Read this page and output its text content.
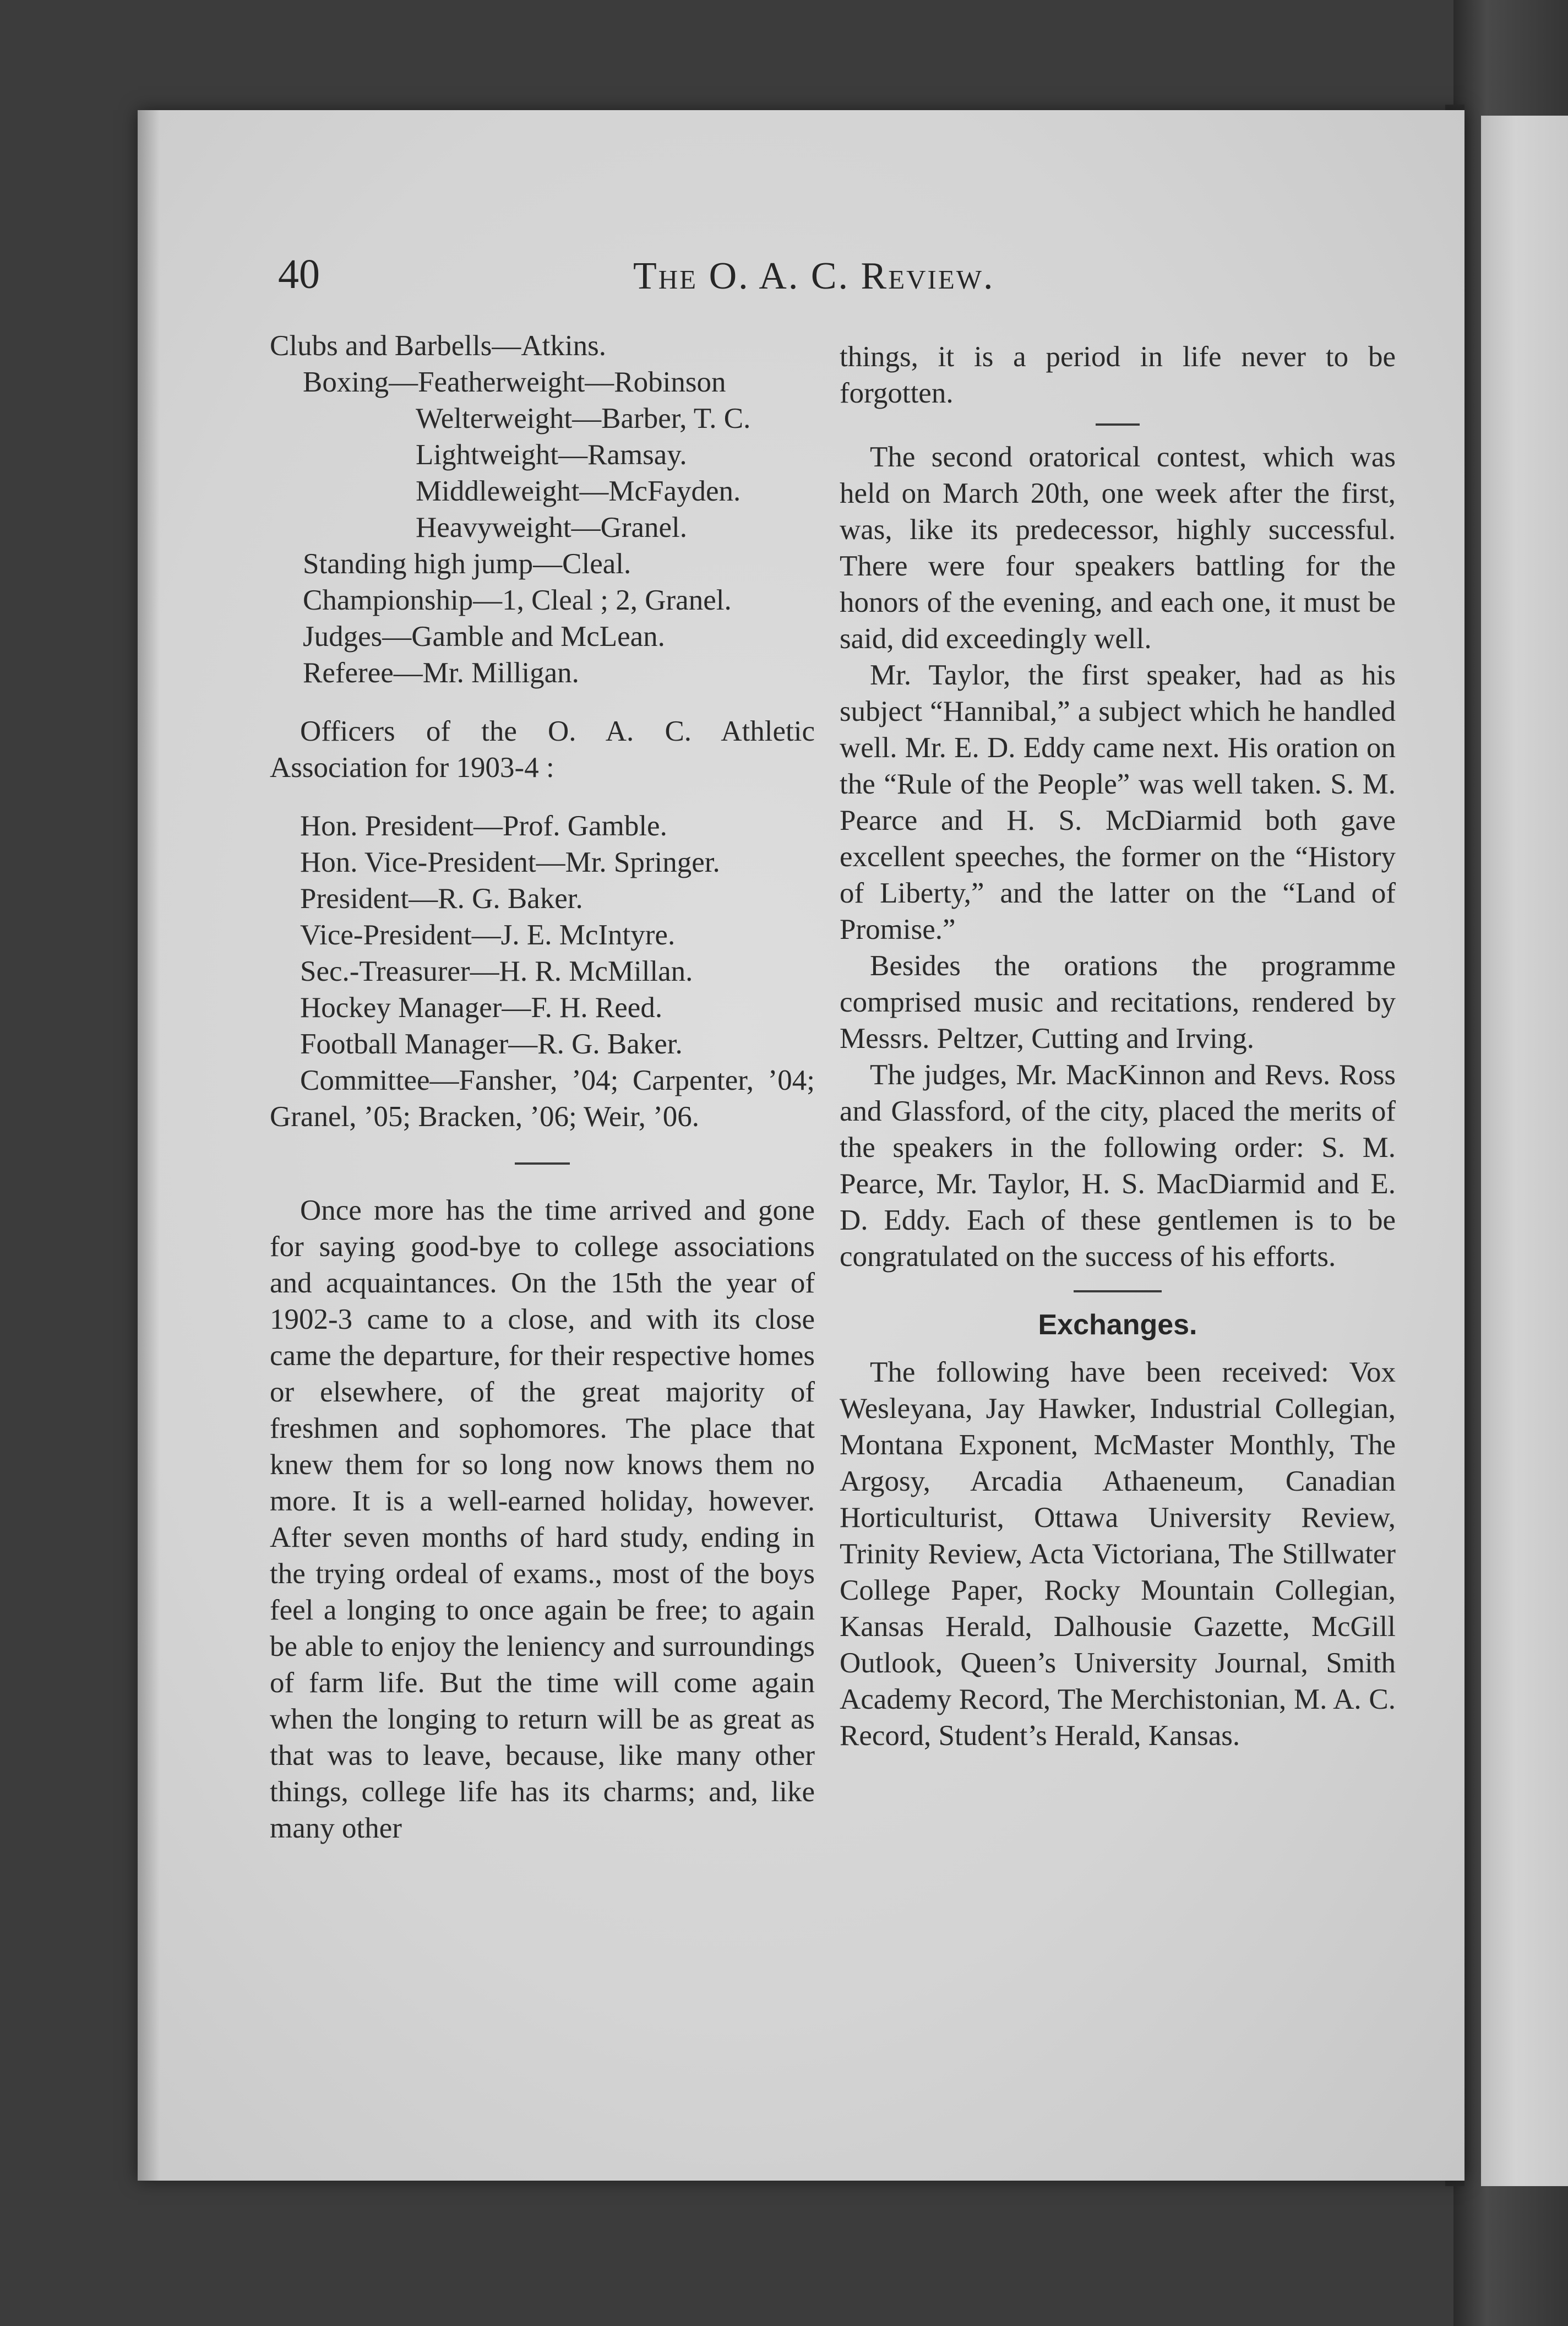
40	The O. A. C. Review.
Clubs and Barbells—Atkins.
Boxing—Featherweight—Robinson
Welterweight—Barber, T. C.
Lightweight—Ramsay.
Middleweight—McFayden.
Heavyweight—Granel.
Standing high jump—Cleal.
Championship—1, Cleal ; 2, Granel.
Judges—Gamble and McLean.
Referee—Mr. Milligan.

Officers of the O. A. C. Athletic Association for 1903-4 :

Hon. President—Prof. Gamble.
Hon. Vice-President—Mr. Springer.
President—R. G. Baker.
Vice-President—J. E. McIntyre.
Sec.-Treasurer—H. R. McMillan.
Hockey Manager—F. H. Reed.
Football Manager—R. G. Baker.

Committee—Fansher, ’04; Carpenter, ’04; Granel, ’05; Bracken, ’06; Weir, ’06.

Once more has the time arrived and gone for saying good-bye to college associations and acquaintances. On the 15th the year of 1902-3 came to a close, and with its close came the departure, for their respective homes or elsewhere, of the great majority of freshmen and sophomores. The place that knew them for so long now knows them no more. It is a well-earned holiday, however. After seven months of hard study, ending in the trying ordeal of exams., most of the boys feel a longing to once again be free; to again be able to enjoy the leniency and surroundings of farm life. But the time will come again when the longing to return will be as great as that was to leave, because, like many other things, college life has its charms; and, like many other

things, it is a period in life never to be forgotten.

The second oratorical contest, which was held on March 20th, one week after the first, was, like its predecessor, highly successful. There were four speakers battling for the honors of the evening, and each one, it must be said, did exceedingly well.

Mr. Taylor, the first speaker, had as his subject “Hannibal,” a subject which he handled well. Mr. E. D. Eddy came next. His oration on the “Rule of the People” was well taken. S. M. Pearce and H. S. McDiarmid both gave excellent speeches, the former on the “History of Liberty,” and the latter on the “Land of Promise.”

Besides the orations the programme comprised music and recitations, rendered by Messrs. Peltzer, Cutting and Irving.

The judges, Mr. MacKinnon and Revs. Ross and Glassford, of the city, placed the merits of the speakers in the following order: S. M. Pearce, Mr. Taylor, H. S. MacDiarmid and E. D. Eddy. Each of these gentlemen is to be congratulated on the success of his efforts.

Exchanges.

The following have been received: Vox Wesleyana, Jay Hawker, Industrial Collegian, Montana Exponent, McMaster Monthly, The Argosy, Arcadia Athaeneum, Canadian Horticulturist, Ottawa University Review, Trinity Review, Acta Victoriana, The Stillwater College Paper, Rocky Mountain Collegian, Kansas Herald, Dalhousie Gazette, McGill Outlook, Queen’s University Journal, Smith Academy Record, The Merchistonian, M. A. C. Record, Student’s Herald, Kansas.
